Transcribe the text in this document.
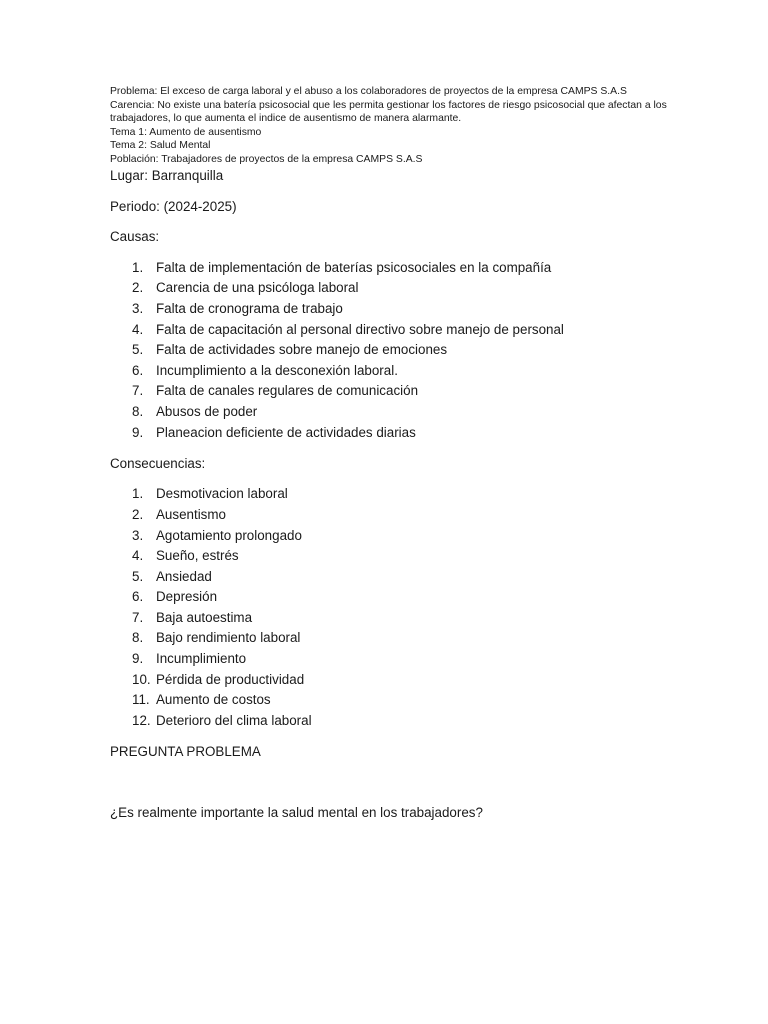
Problema: El exceso de carga laboral y el abuso a los colaboradores de proyectos de la empresa CAMPS S.A.S
Carencia: No existe una batería psicosocial que les permita gestionar los factores de riesgo psicosocial que afectan a los trabajadores, lo que aumenta el indice de ausentismo de manera alarmante.
Tema 1: Aumento de ausentismo
Tema 2: Salud Mental
Población: Trabajadores de proyectos de la empresa CAMPS S.A.S
Lugar: Barranquilla
Periodo: (2024-2025)
Causas:
1. Falta de implementación de baterías psicosociales en la compañía
2. Carencia de una psicóloga laboral
3. Falta de cronograma de trabajo
4. Falta de capacitación al personal directivo sobre manejo de personal
5. Falta de actividades sobre manejo de emociones
6. Incumplimiento a la desconexión laboral.
7. Falta de canales regulares de comunicación
8. Abusos de poder
9. Planeacion deficiente de actividades diarias
Consecuencias:
1. Desmotivacion laboral
2. Ausentismo
3. Agotamiento prolongado
4. Sueño, estrés
5. Ansiedad
6. Depresión
7. Baja autoestima
8. Bajo rendimiento laboral
9. Incumplimiento
10. Pérdida de productividad
11. Aumento de costos
12. Deterioro del clima laboral
PREGUNTA PROBLEMA
¿Es realmente importante la salud mental en los trabajadores?
